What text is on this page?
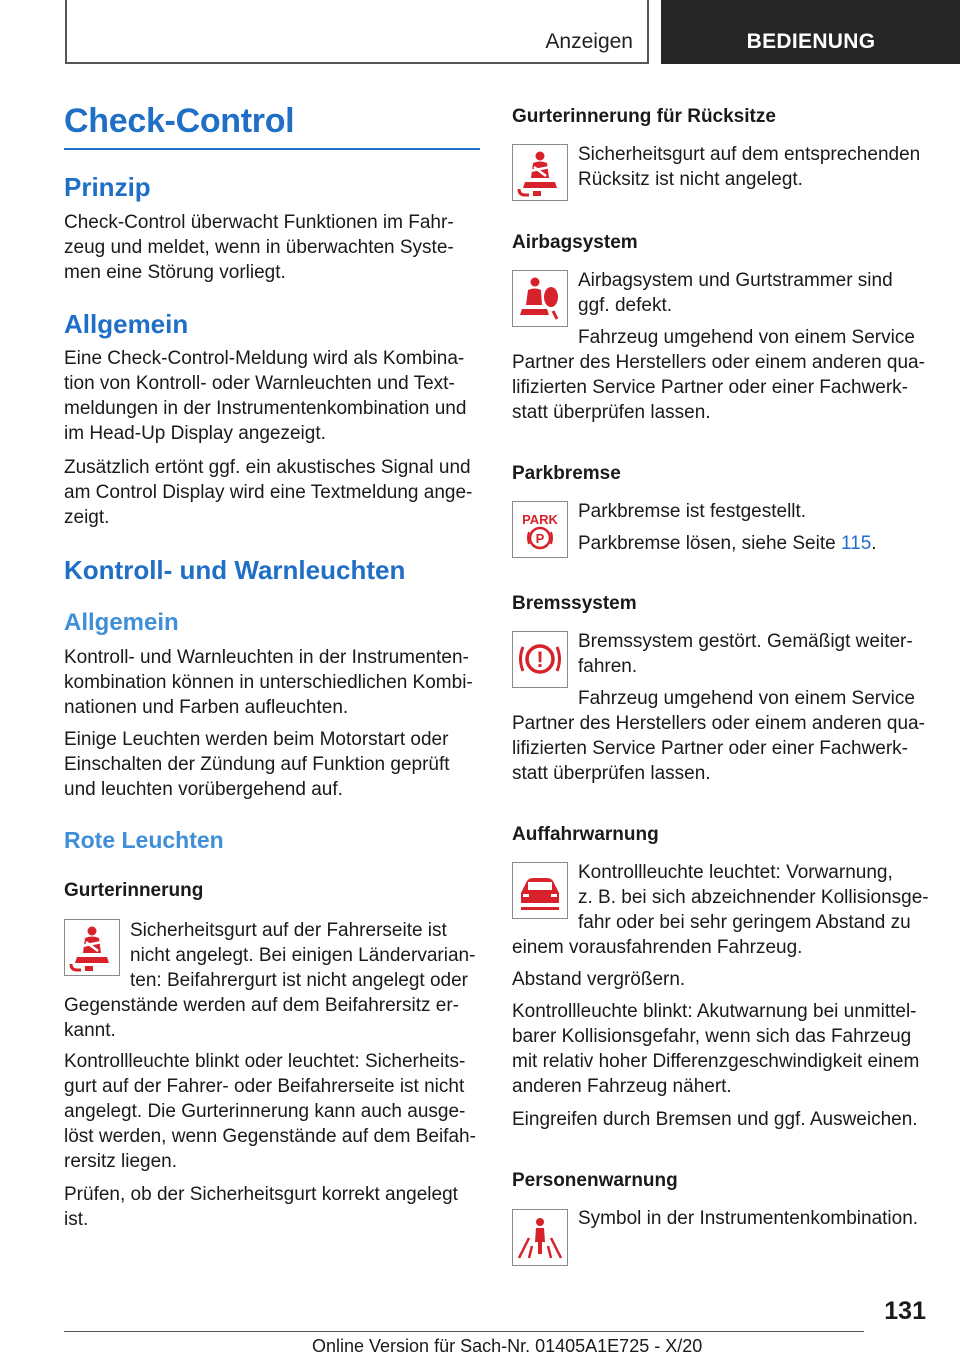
Anzeigen	BEDIENUNG
Check-Control
Prinzip
Check-Control überwacht Funktionen im Fahr‐
zeug und meldet, wenn in überwachten Syste‐
men eine Störung vorliegt.
Allgemein
Eine Check-Control-Meldung wird als Kombina‐
tion von Kontroll- oder Warnleuchten und Text‐
meldungen in der Instrumentenkombination und
im Head-Up Display angezeigt.
Zusätzlich ertönt ggf. ein akustisches Signal und
am Control Display wird eine Textmeldung ange‐
zeigt.
Kontroll- und Warnleuchten
Allgemein
Kontroll- und Warnleuchten in der Instrumenten‐
kombination können in unterschiedlichen Kombi‐
nationen und Farben aufleuchten.
Einige Leuchten werden beim Motorstart oder
Einschalten der Zündung auf Funktion geprüft
und leuchten vorübergehend auf.
Rote Leuchten
Gurterinnerung
Sicherheitsgurt auf der Fahrerseite ist
nicht angelegt. Bei einigen Ländervarian‐
ten: Beifahrergurt ist nicht angelegt oder
Gegenstände werden auf dem Beifahrersitz er‐
kannt.
Kontrollleuchte blinkt oder leuchtet: Sicherheits‐
gurt auf der Fahrer- oder Beifahrerseite ist nicht
angelegt. Die Gurterinnerung kann auch ausge‐
löst werden, wenn Gegenstände auf dem Beifah‐
rersitz liegen.
Prüfen, ob der Sicherheitsgurt korrekt angelegt
ist.
Gurterinnerung für Rücksitze
Sicherheitsgurt auf dem entsprechenden
Rücksitz ist nicht angelegt.
Airbagsystem
Airbagsystem und Gurtstrammer sind
ggf. defekt.
Fahrzeug umgehend von einem Service
Partner des Herstellers oder einem anderen qua‐
lifizierten Service Partner oder einer Fachwerk‐
statt überprüfen lassen.
Parkbremse
PARK
P
Parkbremse ist festgestellt.
Parkbremse lösen, siehe Seite 115.
Bremssystem
!
Bremssystem gestört. Gemäßigt weiter‐
fahren.
Fahrzeug umgehend von einem Service
Partner des Herstellers oder einem anderen qua‐
lifizierten Service Partner oder einer Fachwerk‐
statt überprüfen lassen.
Auffahrwarnung
Kontrollleuchte leuchtet: Vorwarnung,
z. B. bei sich abzeichnender Kollisionsge‐
fahr oder bei sehr geringem Abstand zu
einem vorausfahrenden Fahrzeug.
Abstand vergrößern.
Kontrollleuchte blinkt: Akutwarnung bei unmittel‐
barer Kollisionsgefahr, wenn sich das Fahrzeug
mit relativ hoher Differenzgeschwindigkeit einem
anderen Fahrzeug nähert.
Eingreifen durch Bremsen und ggf. Ausweichen.
Personenwarnung
Symbol in der Instrumentenkombination.
131
Online Version für Sach-Nr. 01405A1E725 - X/20
